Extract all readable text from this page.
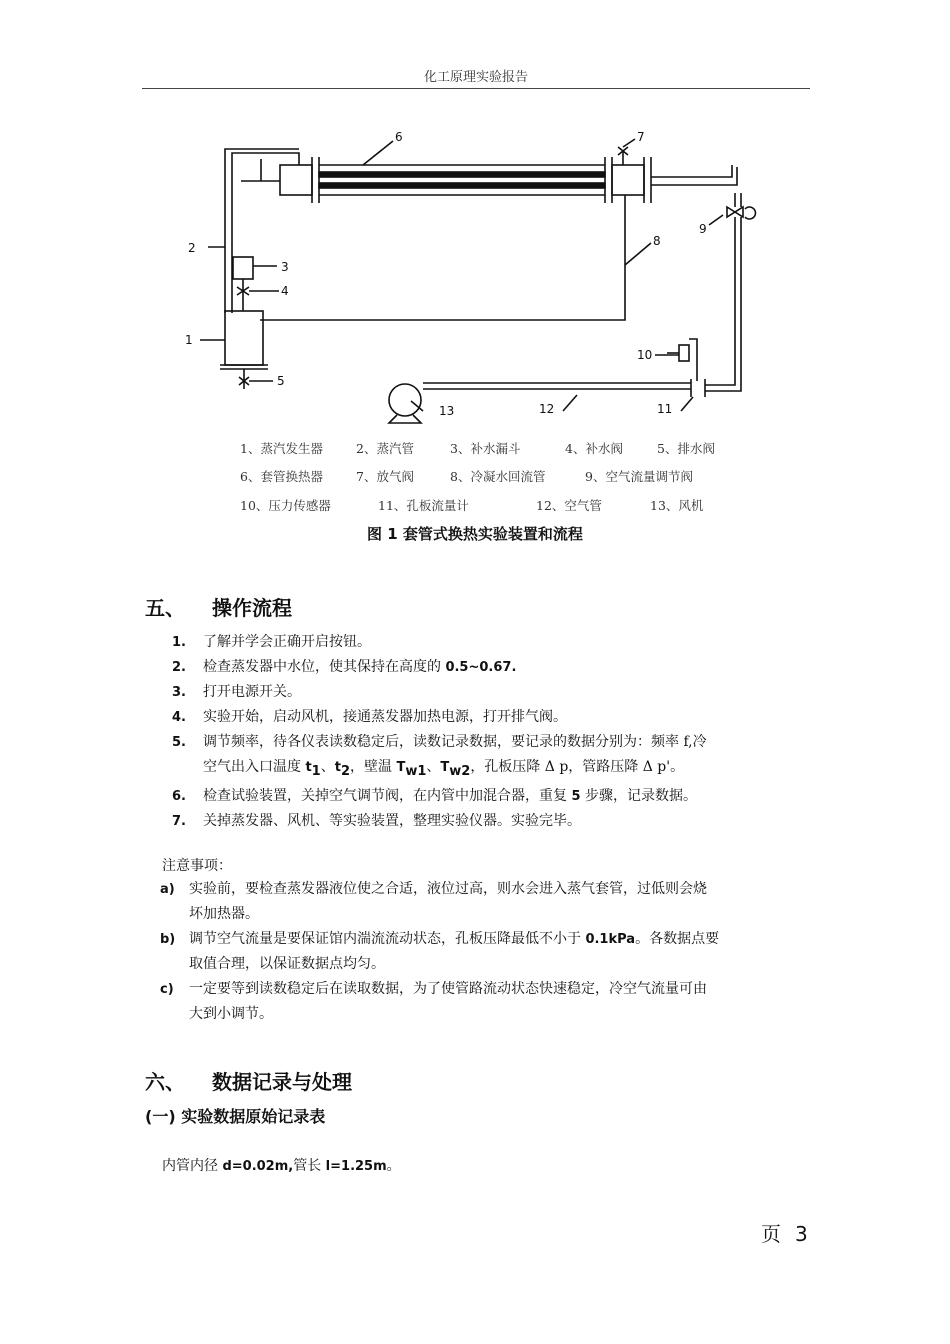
化工原理实验报告
6	7
8
2
3
4
1
5
9
10
11
12
13
1、蒸汽发生器	2、蒸汽管	3、补水漏斗	4、补水阀	5、排水阀
6、套管换热器	7、放气阀	8、冷凝水回流管	9、空气流量调节阀
10、压力传感器	11、孔板流量计	12、空气管	13、风机
图 1 套管式换热实验装置和流程
五、 操作流程
1. 了解并学会正确开启按钮。
2. 检查蒸发器中水位，使其保持在高度的 0.5~0.67.
3. 打开电源开关。
4. 实验开始，启动风机，接通蒸发器加热电源，打开排气阀。
5. 调节频率，待各仪表读数稳定后，读数记录数据，要记录的数据分别为：频率 f,冷
空气出入口温度 $t_1$、$t_2$，壁温 $T_{w1}$、$T_{w2}$，孔板压降 Δ p，管路压降 Δ p'。
6. 检查试验装置，关掉空气调节阀，在内管中加混合器，重复 5 步骤，记录数据。
7. 关掉蒸发器、风机、等实验装置，整理实验仪器。实验完毕。
注意事项：
a) 实验前，要检查蒸发器液位使之合适，液位过高，则水会进入蒸气套管，过低则会烧
坏加热器。
b) 调节空气流量是要保证馆内湍流流动状态，孔板压降最低不小于 0.1kPa。各数据点要
取值合理，以保证数据点均匀。
c) 一定要等到读数稳定后在读取数据，为了使管路流动状态快速稳定，冷空气流量可由
大到小调节。
六、 数据记录与处理
(一) 实验数据原始记录表
内管内径 d=0.02m,管长 l=1.25m。
页 3
